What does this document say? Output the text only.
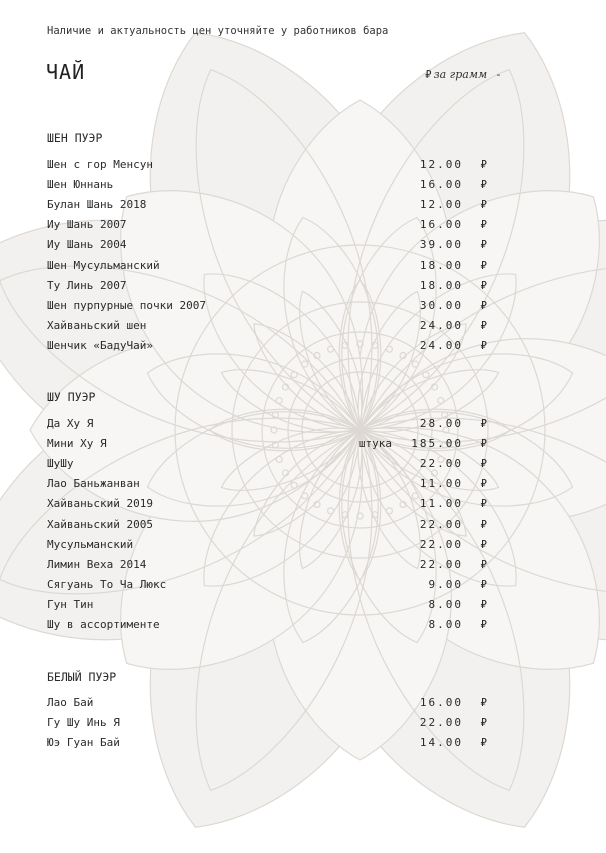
Наличие и актуальность цен уточняйте у работников бара
ЧАЙ	₽ за грамм -
ШЕН ПУЭР
Шен с гор Менсун	12.00 ₽
Шен Юннань	16.00 ₽
Булан Шань 2018	12.00 ₽
Иу Шань 2007	16.00 ₽
Иу Шань 2004	39.00 ₽
Шен Мусульманский	18.00 ₽
Ту Линь 2007	18.00 ₽
Шен пурпурные почки 2007	30.00 ₽
Хайваньский шен	24.00 ₽
Шенчик «БадуЧай»	24.00 ₽
ШУ ПУЭР
Да Ху Я	28.00 ₽
Мини Ху Я	штука 185.00 ₽
ШуШу	22.00 ₽
Лао Баньжанван	11.00 ₽
Хайваньский 2019	11.00 ₽
Хайваньский 2005	22.00 ₽
Мусульманский	22.00 ₽
Лимин Веха 2014	22.00 ₽
Сягуань То Ча Люкс	9.00 ₽
Гун Тин	8.00 ₽
Шу в ассортименте	8.00 ₽
БЕЛЫЙ ПУЭР
Лао Бай	16.00 ₽
Гу Шу Инь Я	22.00 ₽
Юэ Гуан Бай	14.00 ₽
